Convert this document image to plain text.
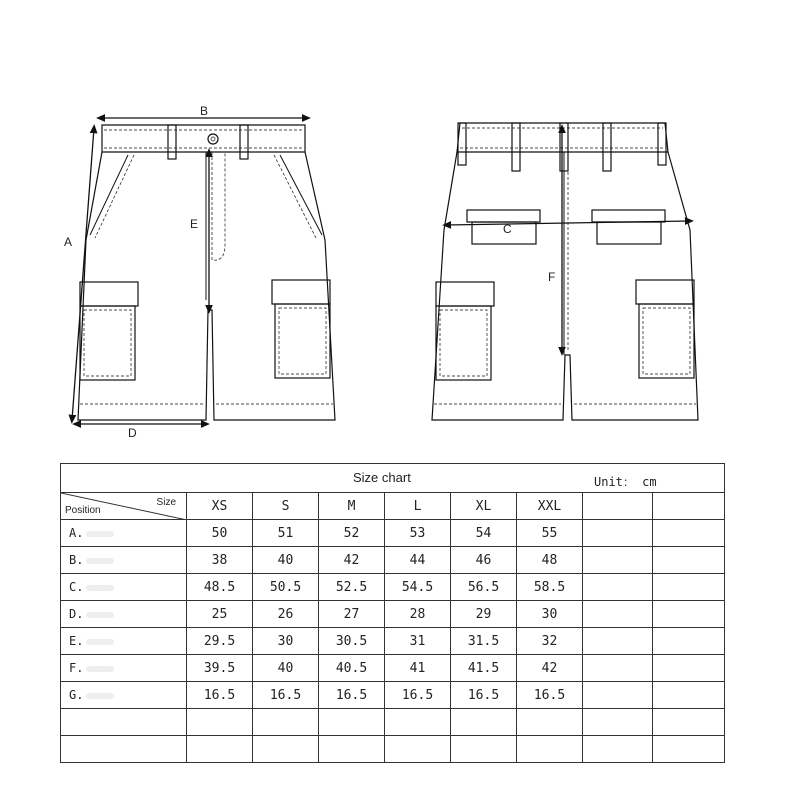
B
A
D
E	C
F
Size chart Unit： cm								

Size
Position	XS	S	M	L	XL	XXL		
A.	50	51	52	53	54	55		
B.	38	40	42	44	46	48		
C.	48.5	50.5	52.5	54.5	56.5	58.5		
D.	25	26	27	28	29	30		
E.	29.5	30	30.5	31	31.5	32		
F.	39.5	40	40.5	41	41.5	42		
G.	16.5	16.5	16.5	16.5	16.5	16.5		
